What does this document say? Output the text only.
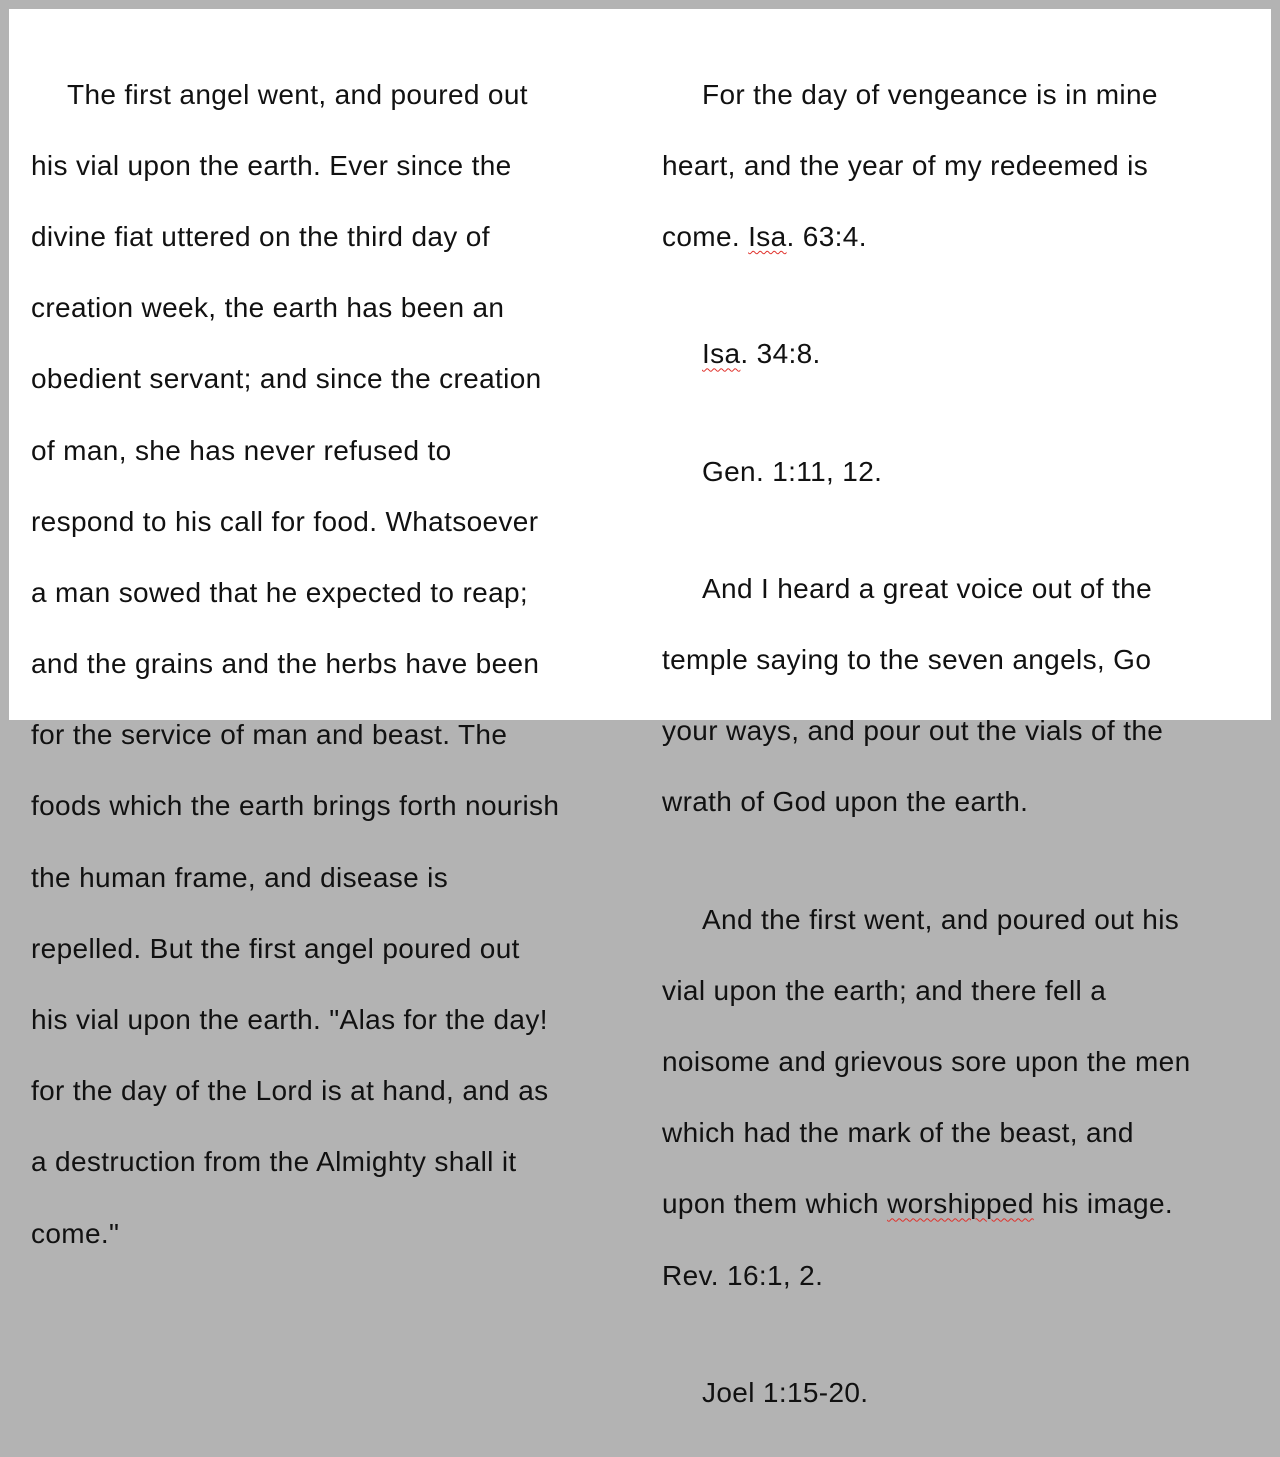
The first angel went, and poured out

his vial upon the earth. Ever since the

divine fiat uttered on the third day of

creation week, the earth has been an

obedient servant; and since the creation

of man, she has never refused to

respond to his call for food. Whatsoever

a man sowed that he expected to reap;

and the grains and the herbs have been

for the service of man and beast. The

foods which the earth brings forth nourish

the human frame, and disease is

repelled. But the first angel poured out

his vial upon the earth. "Alas for the day!

for the day of the Lord is at hand, and as

a destruction from the Almighty shall it

come."

For the day of vengeance is in mine

heart, and the year of my redeemed is

come. Isa. 63:4.

Isa. 34:8.

Gen. 1:11, 12.

And I heard a great voice out of the

temple saying to the seven angels, Go

your ways, and pour out the vials of the

wrath of God upon the earth.

And the first went, and poured out his

vial upon the earth; and there fell a

noisome and grievous sore upon the men

which had the mark of the beast, and

upon them which worshipped his image.

Rev. 16:1, 2.

Joel 1:15-20.
